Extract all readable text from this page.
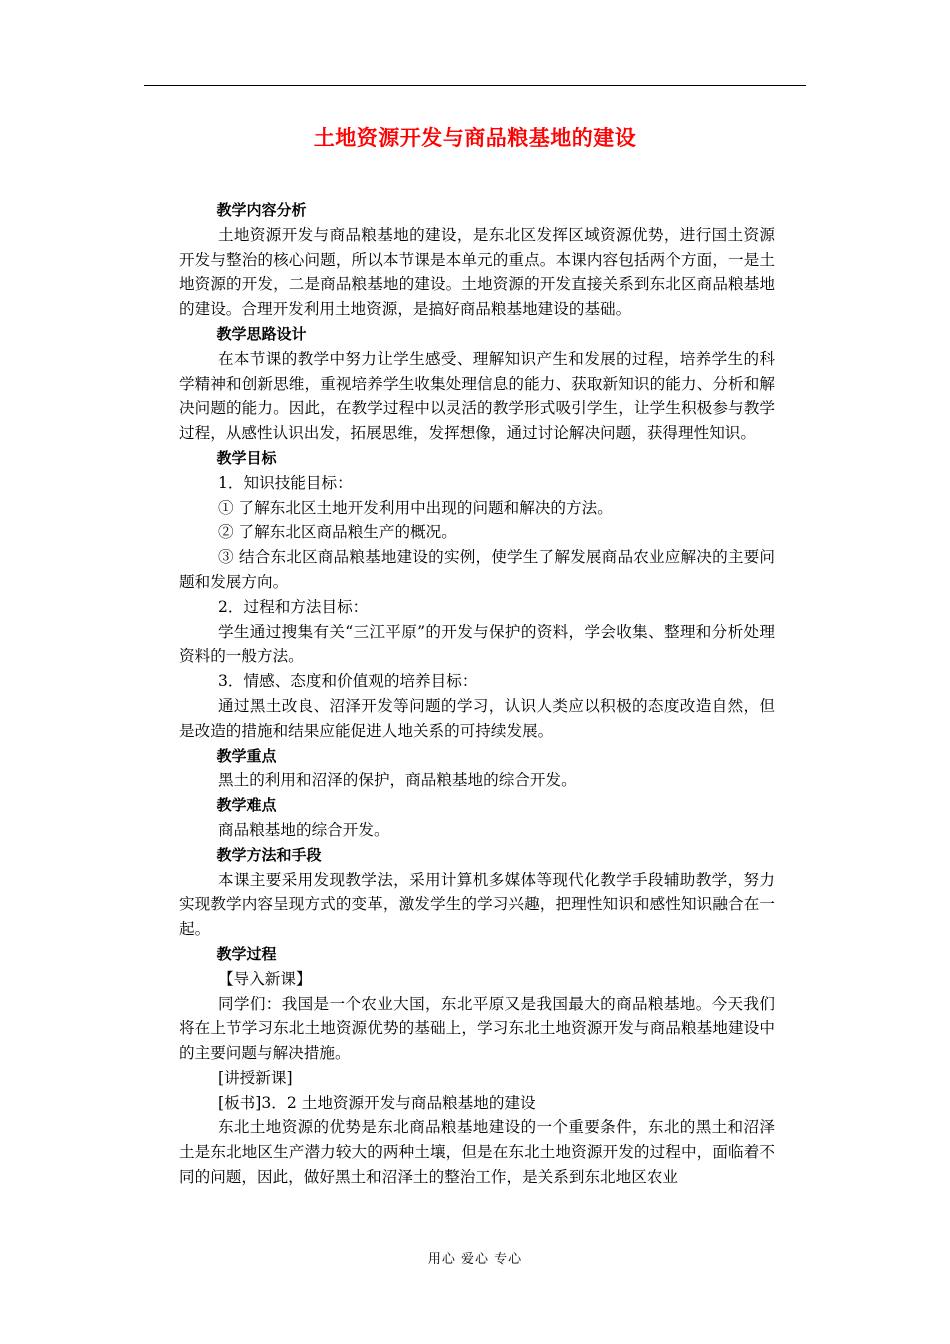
土地资源开发与商品粮基地的建设

教学内容分析

土地资源开发与商品粮基地的建设，是东北区发挥区域资源优势，进行国土资源开发与整治的核心问题，所以本节课是本单元的重点。本课内容包括两个方面，一是土地资源的开发，二是商品粮基地的建设。土地资源的开发直接关系到东北区商品粮基地的建设。合理开发利用土地资源，是搞好商品粮基地建设的基础。

教学思路设计

在本节课的教学中努力让学生感受、理解知识产生和发展的过程，培养学生的科学精神和创新思维，重视培养学生收集处理信息的能力、获取新知识的能力、分析和解决问题的能力。因此，在教学过程中以灵活的教学形式吸引学生，让学生积极参与教学过程，从感性认识出发，拓展思维，发挥想像，通过讨论解决问题，获得理性知识。

教学目标

1．知识技能目标：

① 了解东北区土地开发利用中出现的问题和解决的方法。

② 了解东北区商品粮生产的概况。

③ 结合东北区商品粮基地建设的实例，使学生了解发展商品农业应解决的主要问题和发展方向。

2．过程和方法目标：

学生通过搜集有关“三江平原”的开发与保护的资料，学会收集、整理和分析处理资料的一般方法。

3．情感、态度和价值观的培养目标：

通过黑土改良、沼泽开发等问题的学习，认识人类应以积极的态度改造自然，但是改造的措施和结果应能促进人地关系的可持续发展。

教学重点

黑土的利用和沼泽的保护，商品粮基地的综合开发。

教学难点

商品粮基地的综合开发。

教学方法和手段

本课主要采用发现教学法，采用计算机多媒体等现代化教学手段辅助教学，努力实现教学内容呈现方式的变革，激发学生的学习兴趣，把理性知识和感性知识融合在一起。

教学过程

【导入新课】

同学们：我国是一个农业大国，东北平原又是我国最大的商品粮基地。今天我们将在上节学习东北土地资源优势的基础上，学习东北土地资源开发与商品粮基地建设中的主要问题与解决措施。

[讲授新课]

[板书]3．2 土地资源开发与商品粮基地的建设

东北土地资源的优势是东北商品粮基地建设的一个重要条件，东北的黑土和沼泽土是东北地区生产潜力较大的两种土壤，但是在东北土地资源开发的过程中，面临着不同的问题，因此，做好黑土和沼泽土的整治工作，是关系到东北地区农业

用心 爱心 专心
